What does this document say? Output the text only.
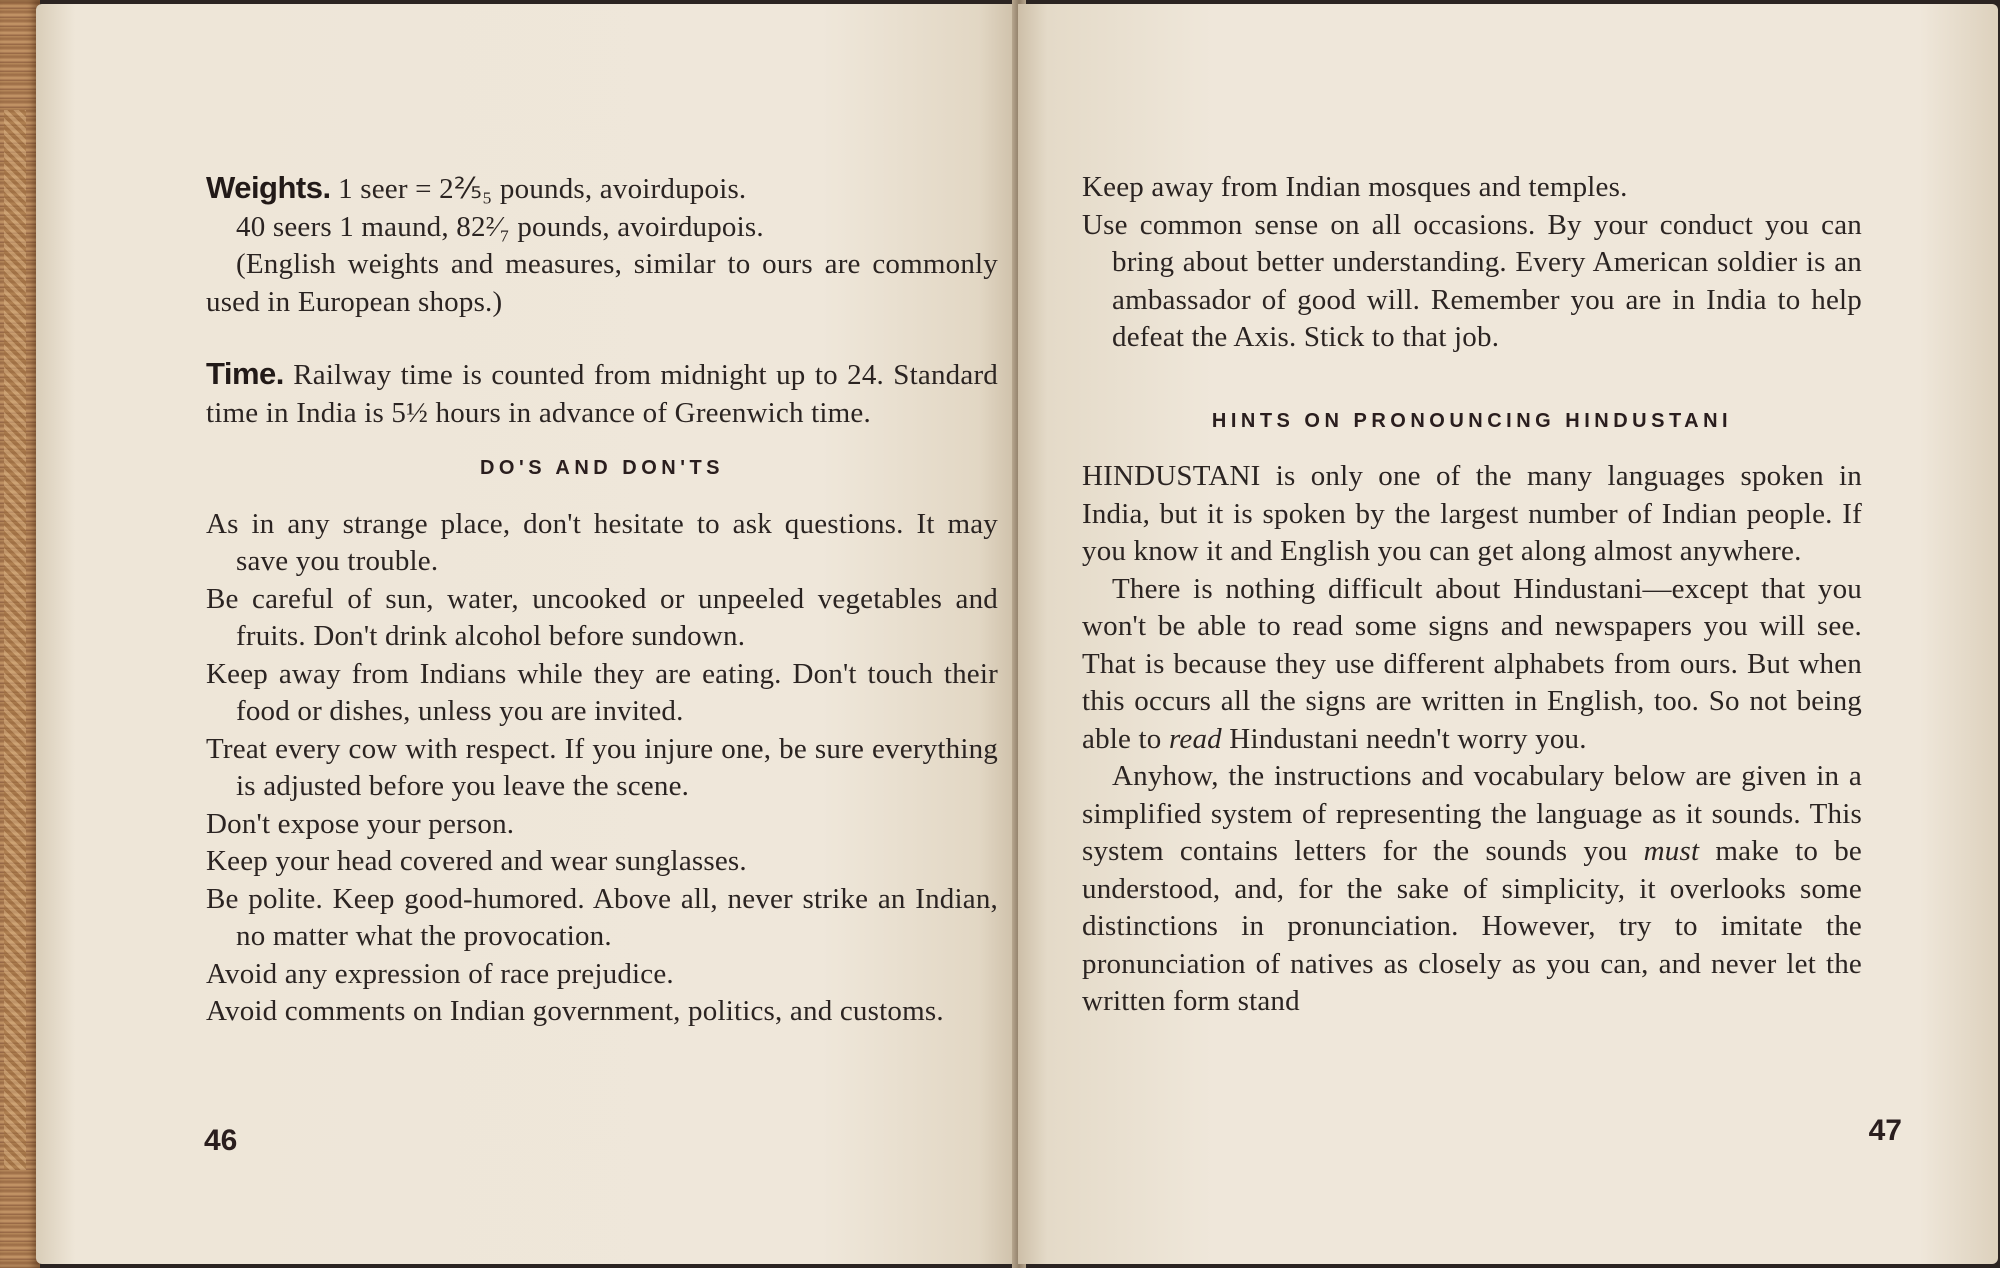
Weights. 1 seer = 2⅖₅ pounds, avoirdupois.

40 seers 1 maund, 82²⁄₇ pounds, avoirdupois.

(English weights and measures, similar to ours are commonly used in European shops.)

Time. Railway time is counted from midnight up to 24. Standard time in India is 5½ hours in advance of Greenwich time.

DO'S AND DON'TS

As in any strange place, don't hesitate to ask questions. It may save you trouble.

Be careful of sun, water, uncooked or unpeeled vegetables and fruits. Don't drink alcohol before sundown.

Keep away from Indians while they are eating. Don't touch their food or dishes, unless you are invited.

Treat every cow with respect. If you injure one, be sure everything is adjusted before you leave the scene.

Don't expose your person.

Keep your head covered and wear sunglasses.

Be polite. Keep good-humored. Above all, never strike an Indian, no matter what the provocation.

Avoid any expression of race prejudice.

Avoid comments on Indian government, politics, and customs.

46

Keep away from Indian mosques and temples.

Use common sense on all occasions. By your conduct you can bring about better understanding. Every American soldier is an ambassador of good will. Remember you are in India to help defeat the Axis. Stick to that job.

HINTS ON PRONOUNCING HINDUSTANI

HINDUSTANI is only one of the many languages spoken in India, but it is spoken by the largest number of Indian people. If you know it and English you can get along almost anywhere.

There is nothing difficult about Hindustani—except that you won't be able to read some signs and newspapers you will see. That is because they use different alphabets from ours. But when this occurs all the signs are written in English, too. So not being able to read Hindustani needn't worry you.

Anyhow, the instructions and vocabulary below are given in a simplified system of representing the language as it sounds. This system contains letters for the sounds you must make to be understood, and, for the sake of simplicity, it overlooks some distinctions in pronunciation. However, try to imitate the pronunciation of natives as closely as you can, and never let the written form stand

47
